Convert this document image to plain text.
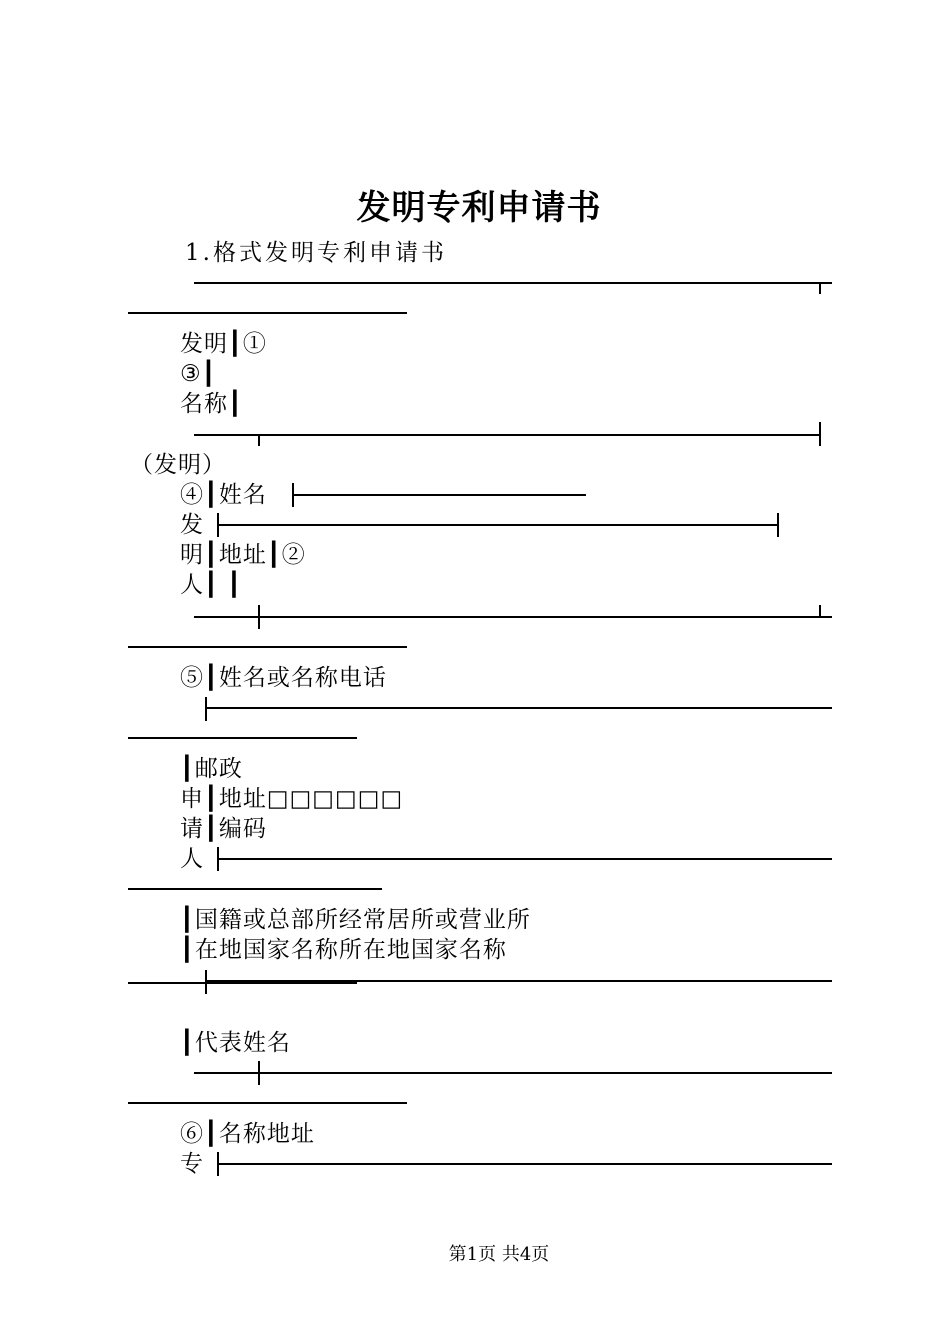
发明专利申请书
1.格式发明专利申请书
发明┃①
③┃
名称┃
（发明）
④┃姓名
发
明┃地址┃②
人┃ ┃
⑤┃姓名或名称电话
┃邮政
申┃地址□□□□□□
请┃编码
人
┃国籍或总部所经常居所或营业所
┃在地国家名称所在地国家名称
┃代表姓名
⑥┃名称地址
专
第1页 共4页
